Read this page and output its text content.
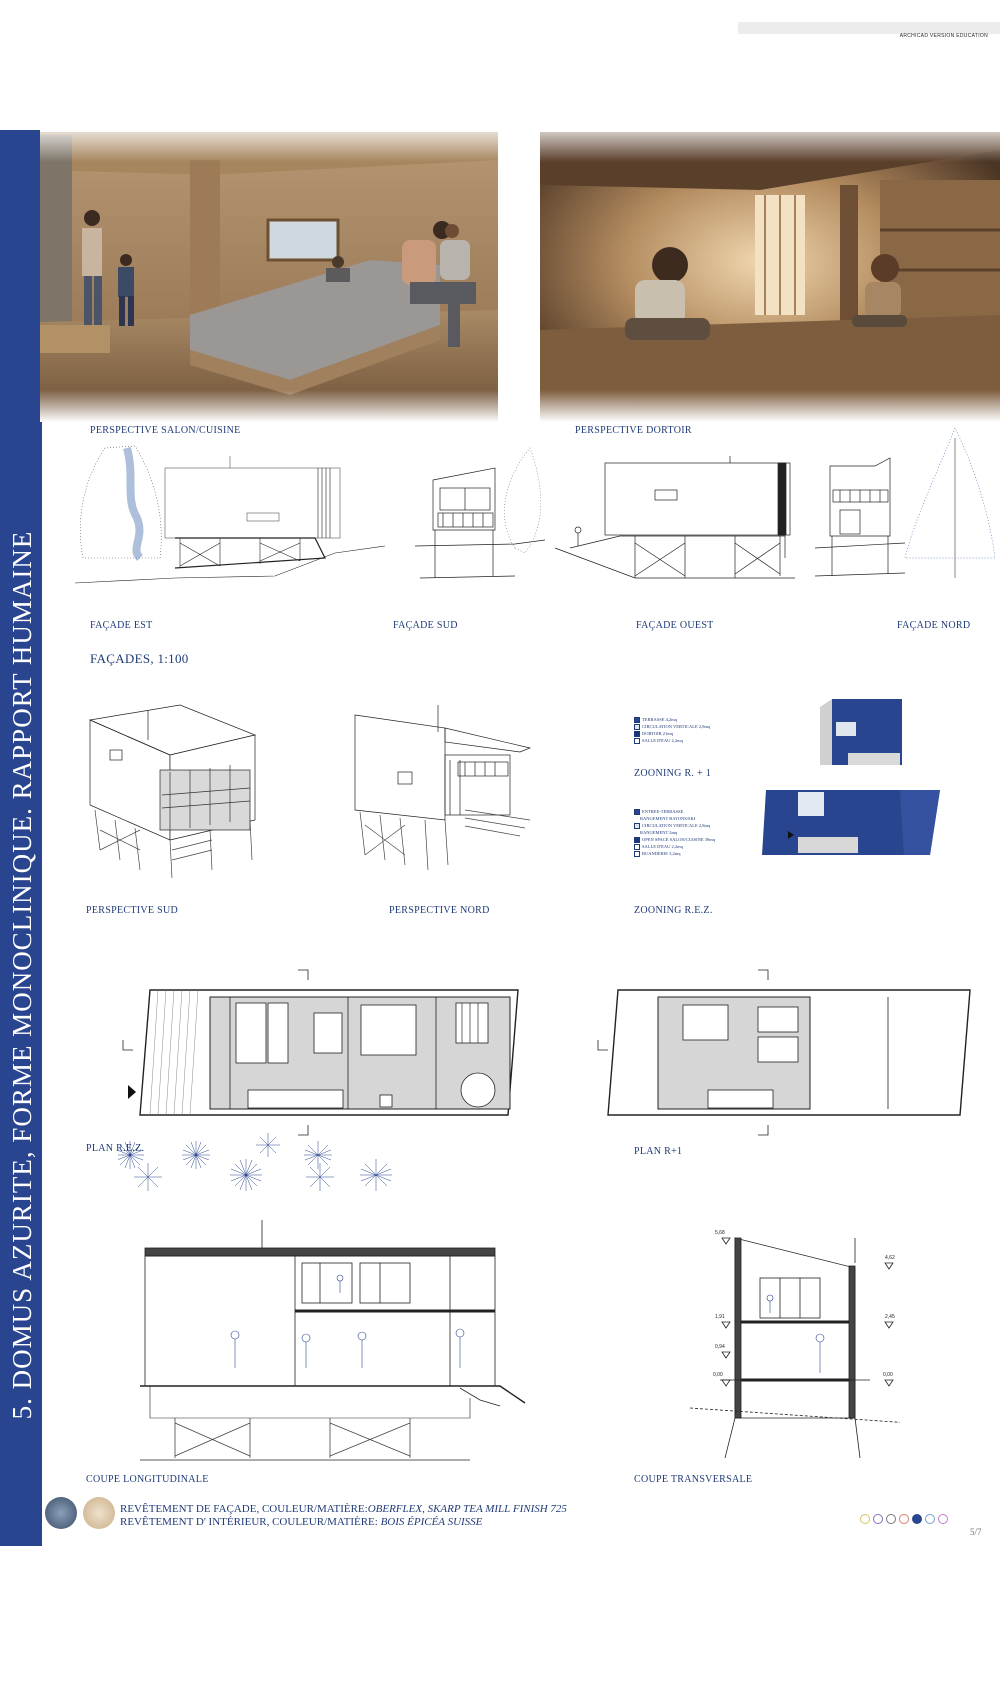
ARCHICAD VERSION EDUCATION
5. DOMUS AZURITE, FORME MONOCLINIQUE. RAPPORT HUMAINE
PERSPECTIVE SALON/CUISINE	PERSPECTIVE DORTOIR
FAÇADE EST	FAÇADE SUD	FAÇADE OUEST	FAÇADE NORD
FAÇADES, 1:100
PERSPECTIVE SUD	PERSPECTIVE NORD
TERRASSE 4,2mq
CIRCULATION VERTICALE 2,8mq
DORTOIR 21mq
SALLE D'EAU 2,2mq
ZOONING R. + 1
ENTREE-TERRASSE
RANGEMENT BATONS/SKI
CIRCULATION VERTICALE 2,8mq
RANGEMENT 2mq
OPEN SPACE SALON/CUISINE 39mq
SALLE D'EAU 2,2mq
BUANDERIE 3,2mq
ZOONING R.E.Z.
PLAN R.E.Z.	PLAN R+1
5,68
1,91
0,94
0,00
4,62
2,45
0,00
COUPE LONGITUDINALE	COUPE TRANSVERSALE
REVÊTEMENT DE FAÇADE, COULEUR/MATIÈRE:OBERFLEX, SKARP TEA MILL FINISH 725
REVÊTEMENT D' INTÉRIEUR, COULEUR/MATIÈRE: BOIS ÉPICÉA SUISSE
5/7
